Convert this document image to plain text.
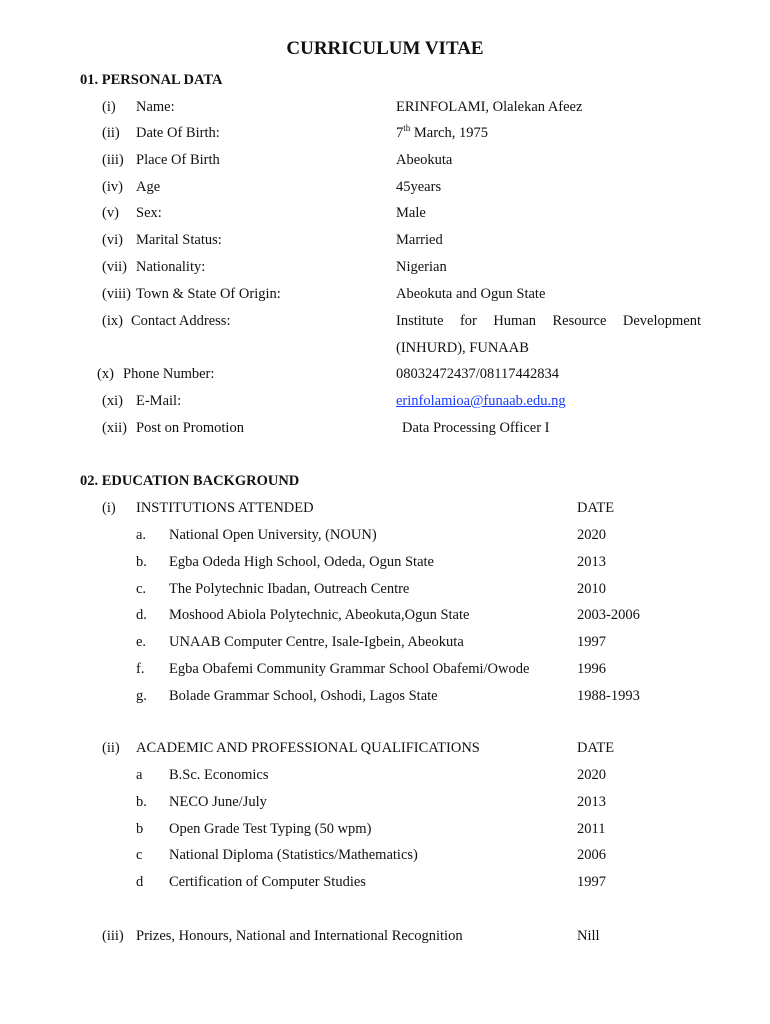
CURRICULUM VITAE
01. PERSONAL DATA
(i) Name:	ERINFOLAMI, Olalekan Afeez
(ii) Date Of Birth:	7th March, 1975
(iii) Place Of Birth	Abeokuta
(iv) Age	45years
(v) Sex:	Male
(vi) Marital Status:	Married
(vii) Nationality:	Nigerian
(viii) Town & State Of Origin:	Abeokuta and Ogun State
(ix) Contact Address:	Institute for Human Resource Development
(INHURD), FUNAAB
(x) Phone Number:	08032472437/08117442834
(xi) E-Mail:	erinfolamioa@funaab.edu.ng
(xii) Post on Promotion	Data Processing Officer I
02. EDUCATION BACKGROUND
(i) INSTITUTIONS ATTENDED	DATE
a. National Open University, (NOUN)	2020
b. Egba Odeda High School, Odeda, Ogun State	2013
c. The Polytechnic Ibadan, Outreach Centre	2010
d. Moshood Abiola Polytechnic, Abeokuta,Ogun State	2003-2006
e. UNAAB Computer Centre, Isale-Igbein, Abeokuta	1997
f. Egba Obafemi Community Grammar School Obafemi/Owode	1996
g. Bolade Grammar School, Oshodi, Lagos State	1988-1993
(ii) ACADEMIC AND PROFESSIONAL QUALIFICATIONS	DATE
a B.Sc. Economics	2020
b. NECO June/July	2013
b Open Grade Test Typing (50 wpm)	2011
c National Diploma (Statistics/Mathematics)	2006
d Certification of Computer Studies	1997
(iii) Prizes, Honours, National and International Recognition	Nill
